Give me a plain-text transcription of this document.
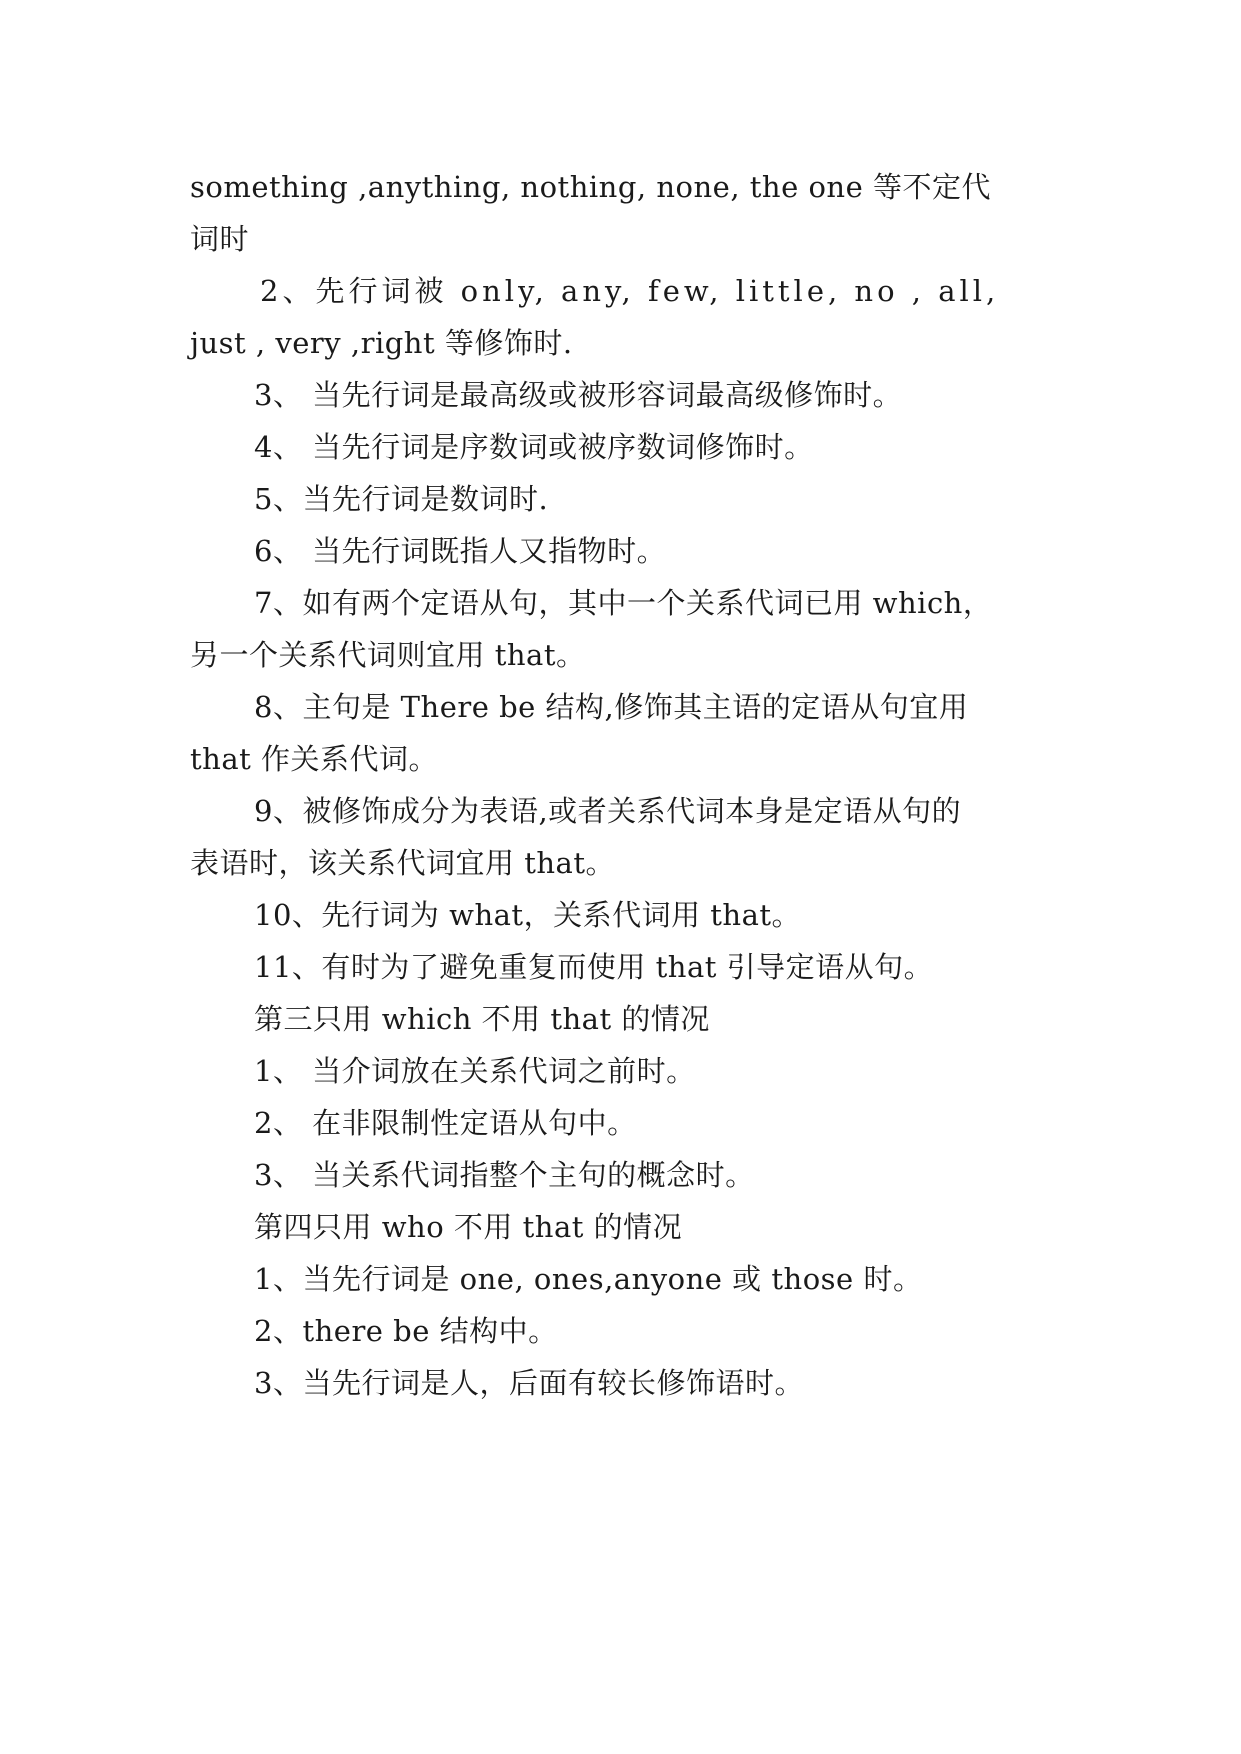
something ,anything, nothing, none, the one 等不定代
词时
2、先行词被 only, any, few, little, no , all,
just , very ,right 等修饰时.
3、 当先行词是最高级或被形容词最高级修饰时。
4、 当先行词是序数词或被序数词修饰时。
5、当先行词是数词时.
6、 当先行词既指人又指物时。
7、如有两个定语从句，其中一个关系代词已用 which，
另一个关系代词则宜用 that。
8、主句是 There be 结构,修饰其主语的定语从句宜用
that 作关系代词。
9、被修饰成分为表语,或者关系代词本身是定语从句的
表语时，该关系代词宜用 that。
10、先行词为 what，关系代词用 that。
11、有时为了避免重复而使用 that 引导定语从句。
第三只用 which 不用 that 的情况
1、 当介词放在关系代词之前时。
2、 在非限制性定语从句中。
3、 当关系代词指整个主句的概念时。
第四只用 who 不用 that 的情况
1、当先行词是 one, ones,anyone 或 those 时。
2、there be 结构中。
3、当先行词是人，后面有较长修饰语时。
